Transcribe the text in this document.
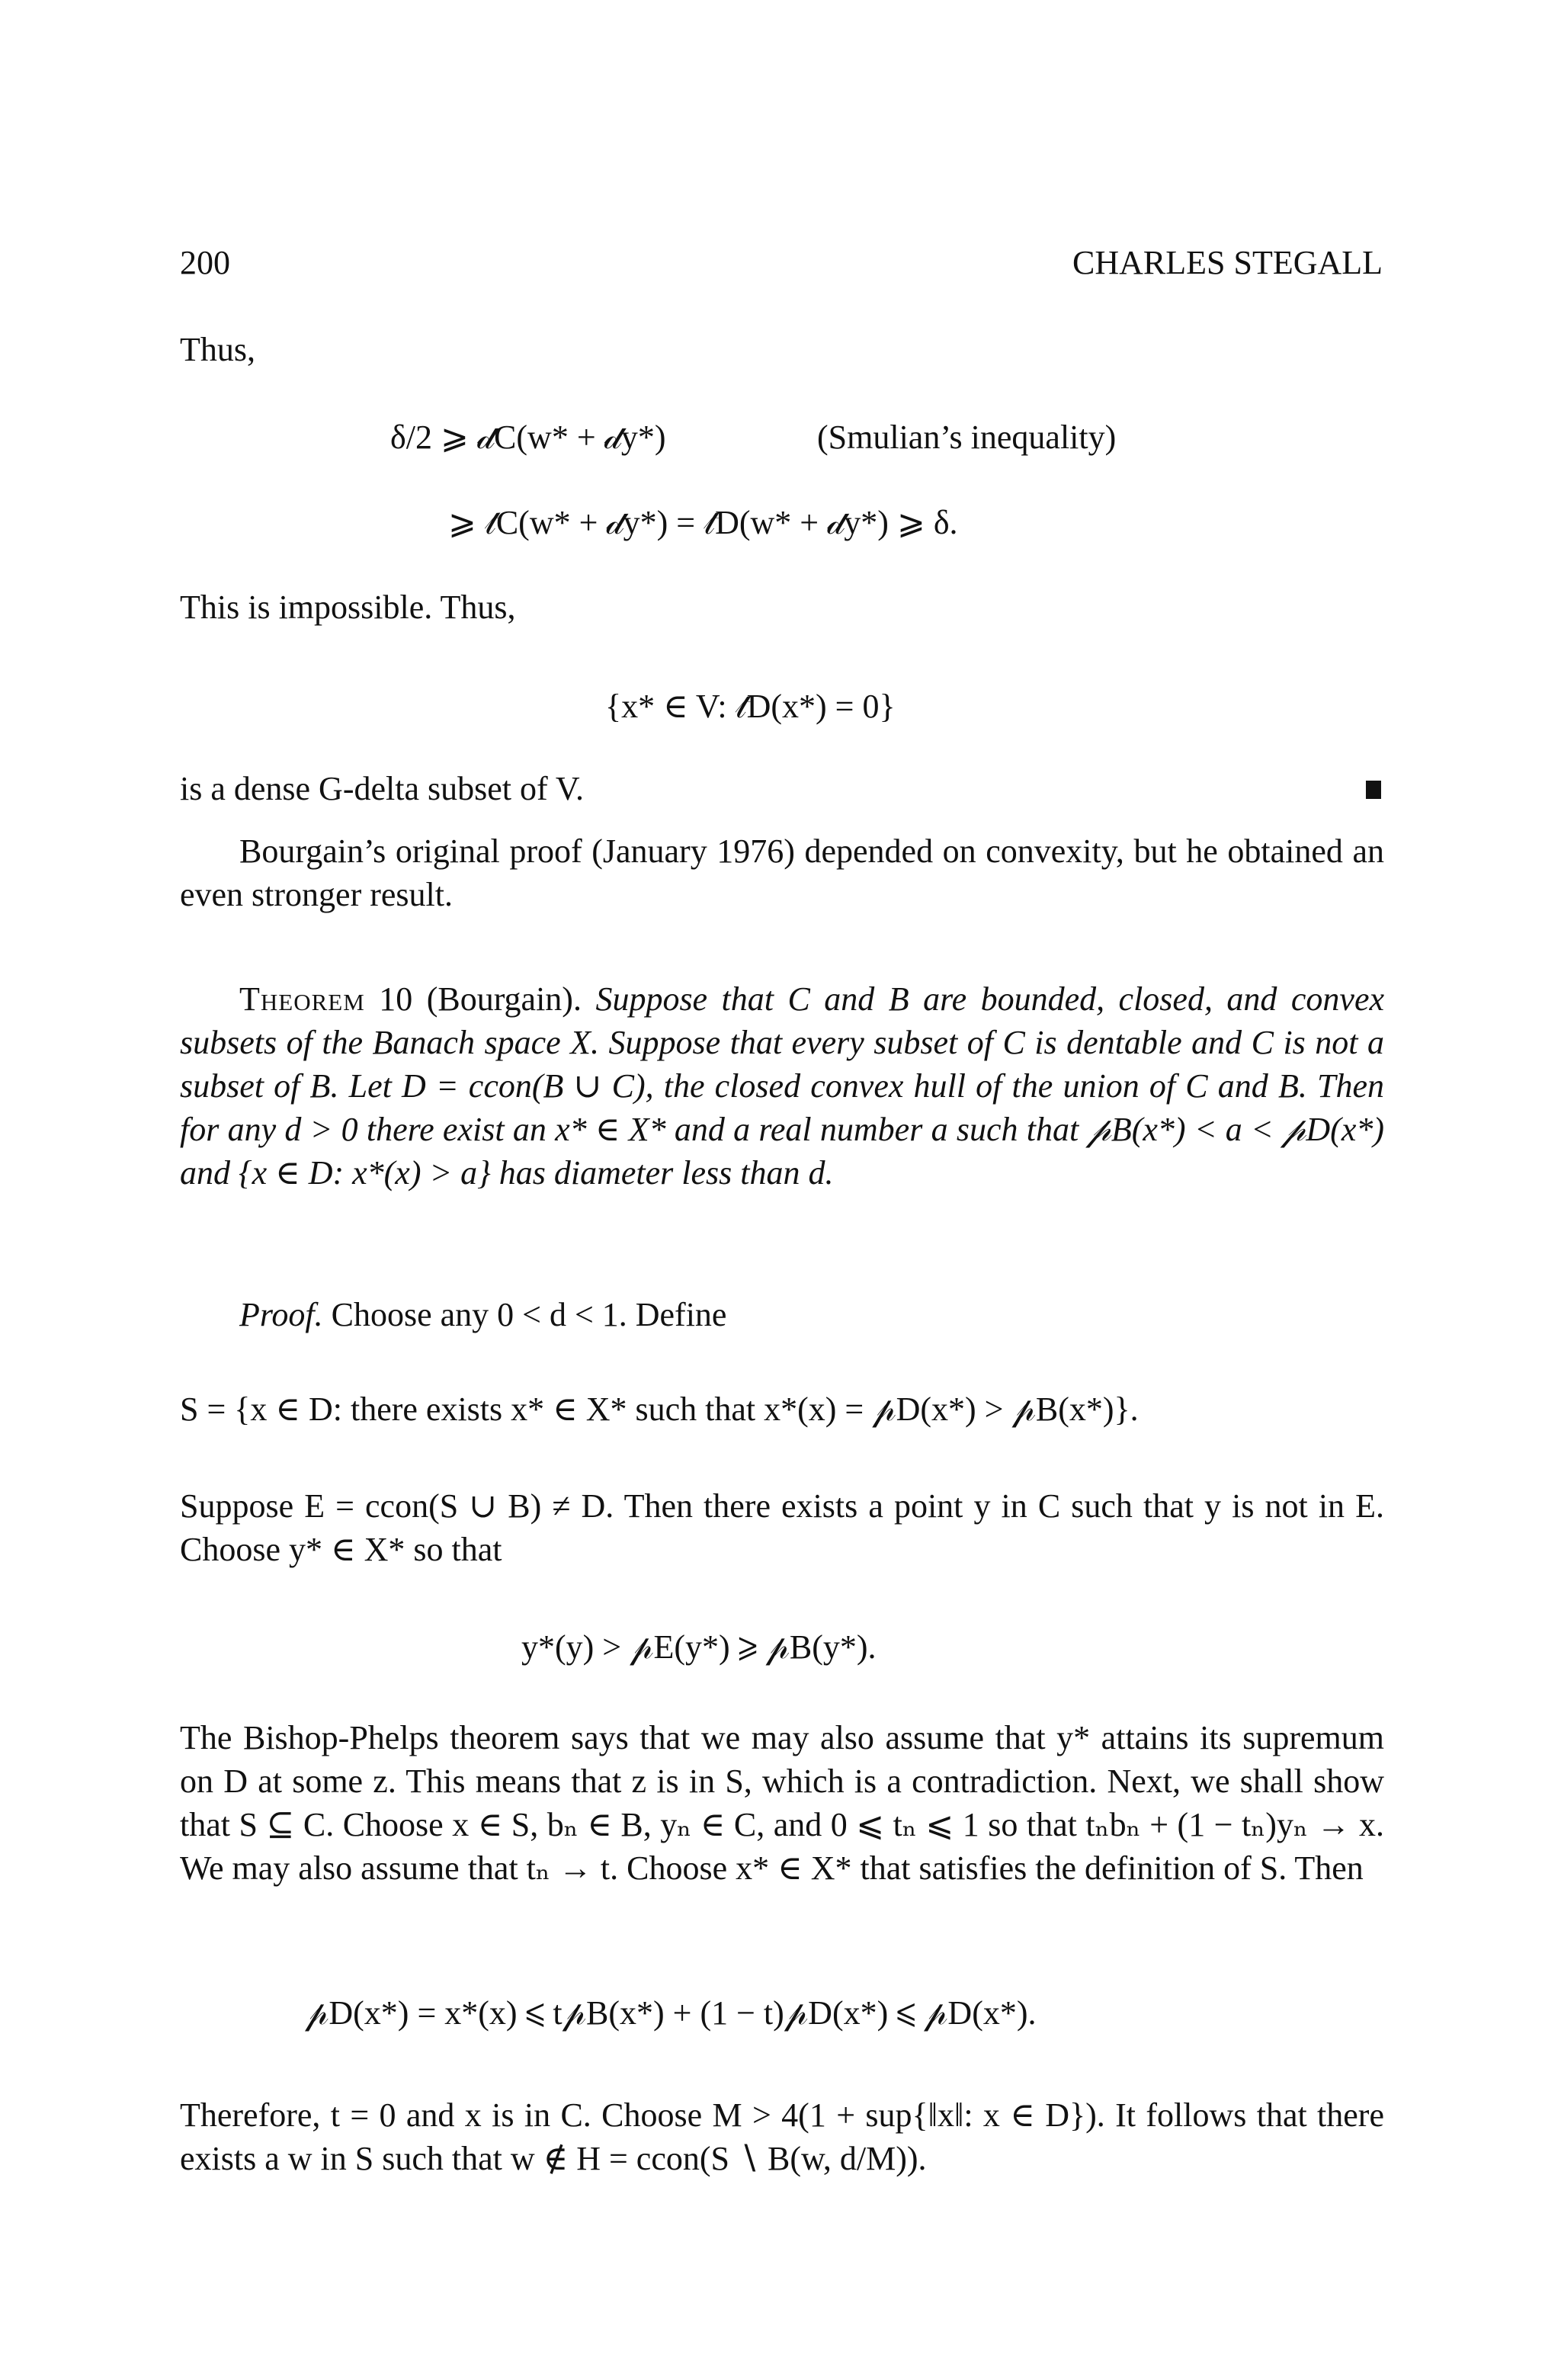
200	CHARLES STEGALL
Thus,
δ/2 ⩾ 𝒹C(w* + 𝒹y*)	(Smulian’s inequality)
⩾ 𝓉C(w* + 𝒹y*) = 𝓉D(w* + 𝒹y*) ⩾ δ.
This is impossible. Thus,
{x* ∈ V: 𝓉D(x*) = 0}
is a dense G-delta subset of V.

Bourgain’s original proof (January 1976) depended on convexity, but he obtained an even stronger result.

Theorem 10 (Bourgain). Suppose that C and B are bounded, closed, and convex subsets of the Banach space X. Suppose that every subset of C is dentable and C is not a subset of B. Let D = ccon(B ∪ C), the closed convex hull of the union of C and B. Then for any d > 0 there exist an x* ∈ X* and a real number a such that 𝓅B(x*) < a < 𝓅D(x*) and {x ∈ D: x*(x) > a} has diameter less than d.

Proof. Choose any 0 < d < 1. Define

S = {x ∈ D: there exists x* ∈ X* such that x*(x) = 𝓅D(x*) > 𝓅B(x*)}.

Suppose E = ccon(S ∪ B) ≠ D. Then there exists a point y in C such that y is not in E. Choose y* ∈ X* so that

y*(y) > 𝓅E(y*) ⩾ 𝓅B(y*).

The Bishop-Phelps theorem says that we may also assume that y* attains its supremum on D at some z. This means that z is in S, which is a contradiction. Next, we shall show that S ⊆ C. Choose x ∈ S, bₙ ∈ B, yₙ ∈ C, and 0 ⩽ tₙ ⩽ 1 so that tₙbₙ + (1 − tₙ)yₙ → x. We may also assume that tₙ → t. Choose x* ∈ X* that satisfies the definition of S. Then

𝓅D(x*) = x*(x) ⩽ t𝓅B(x*) + (1 − t)𝓅D(x*) ⩽ 𝓅D(x*).

Therefore, t = 0 and x is in C. Choose M > 4(1 + sup{‖x‖: x ∈ D}). It follows that there exists a w in S such that w ∉ H = ccon(S ∖ B(w, d/M)).
